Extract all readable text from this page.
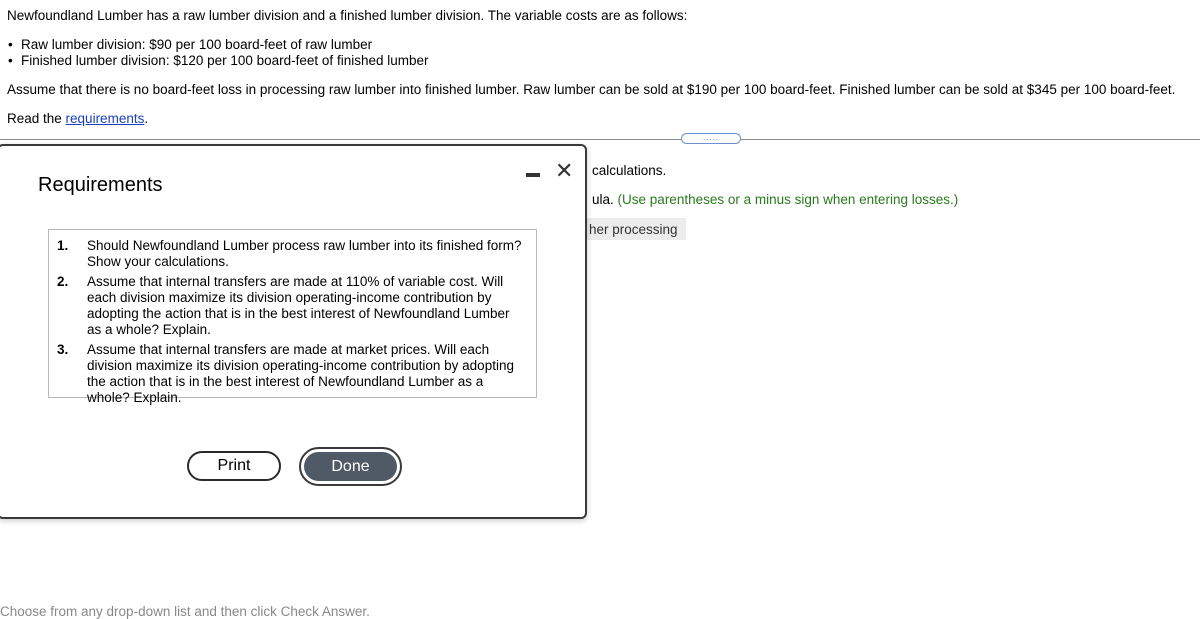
Newfoundland Lumber has a raw lumber division and a finished lumber division. The variable costs are as follows:
• Raw lumber division: $90 per 100 board-feet of raw lumber
• Finished lumber division: $120 per 100 board-feet of finished lumber
Assume that there is no board-feet loss in processing raw lumber into finished lumber. Raw lumber can be sold at $190 per 100 board-feet. Finished lumber can be sold at $345 per 100 board-feet.
Read the requirements.
.....
calculations.
ula. (Use parentheses or a minus sign when entering losses.)
her processing
Choose from any drop-down list and then click Check Answer.
Requirements
✕
1. Should Newfoundland Lumber process raw lumber into its finished form? Show your calculations.
2. Assume that internal transfers are made at 110% of variable cost. Will each division maximize its division operating-income contribution by adopting the action that is in the best interest of Newfoundland Lumber as a whole? Explain.
3. Assume that internal transfers are made at market prices. Will each division maximize its division operating-income contribution by adopting the action that is in the best interest of Newfoundland Lumber as a whole? Explain.
Print	Done
